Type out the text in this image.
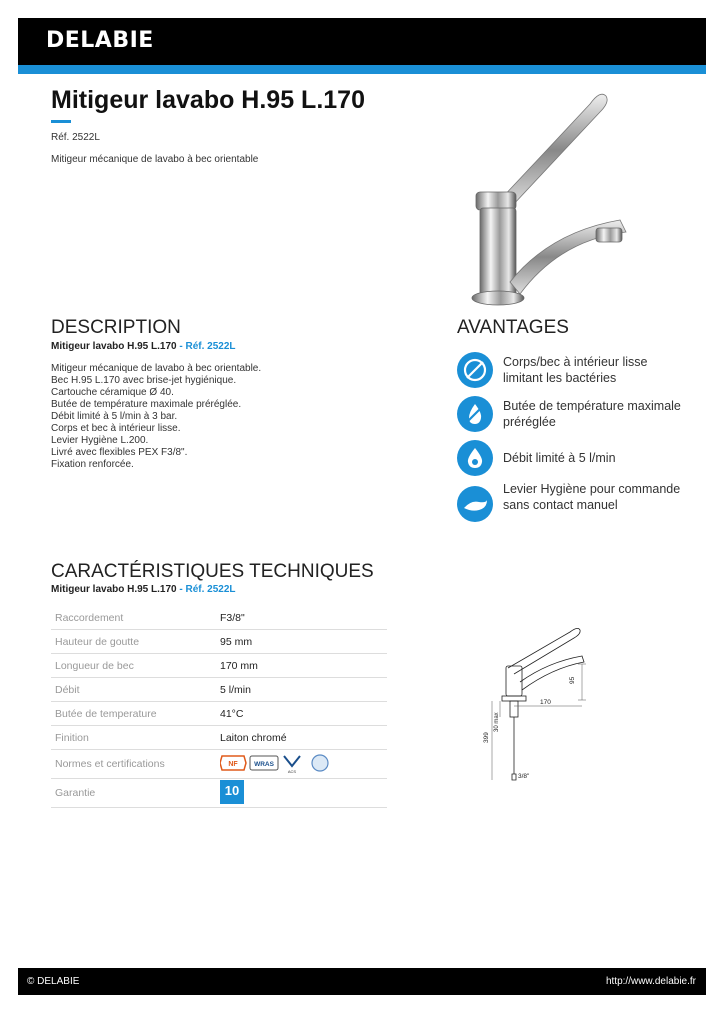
DELABIE
Mitigeur lavabo H.95 L.170
Réf. 2522L
Mitigeur mécanique de lavabo à bec orientable
DESCRIPTION
Mitigeur lavabo H.95 L.170 - Réf. 2522L
Mitigeur mécanique de lavabo à bec orientable.
Bec H.95 L.170 avec brise-jet hygiénique.
Cartouche céramique Ø 40.
Butée de température maximale préréglée.
Débit limité à 5 l/min à 3 bar.
Corps et bec à intérieur lisse.
Levier Hygiène L.200.
Livré avec flexibles PEX F3/8".
Fixation renforcée.
AVANTAGES
Corps/bec à intérieur lisse limitant les bactéries
Butée de température maximale préréglée
Débit limité à 5 l/min
Levier Hygiène pour commande sans contact manuel
CARACTÉRISTIQUES TECHNIQUES
Mitigeur lavabo H.95 L.170 - Réf. 2522L
Raccordement	F3/8"
Hauteur de goutte	95 mm
Longueur de bec	170 mm
Débit	5 l/min
Butée de temperature	41°C
Finition	Laiton chromé
Normes et certifications	NF WRAS
ACS

Garantie	10
95
170
30 max
399
3/8"
© DELABIE	http://www.delabie.fr
